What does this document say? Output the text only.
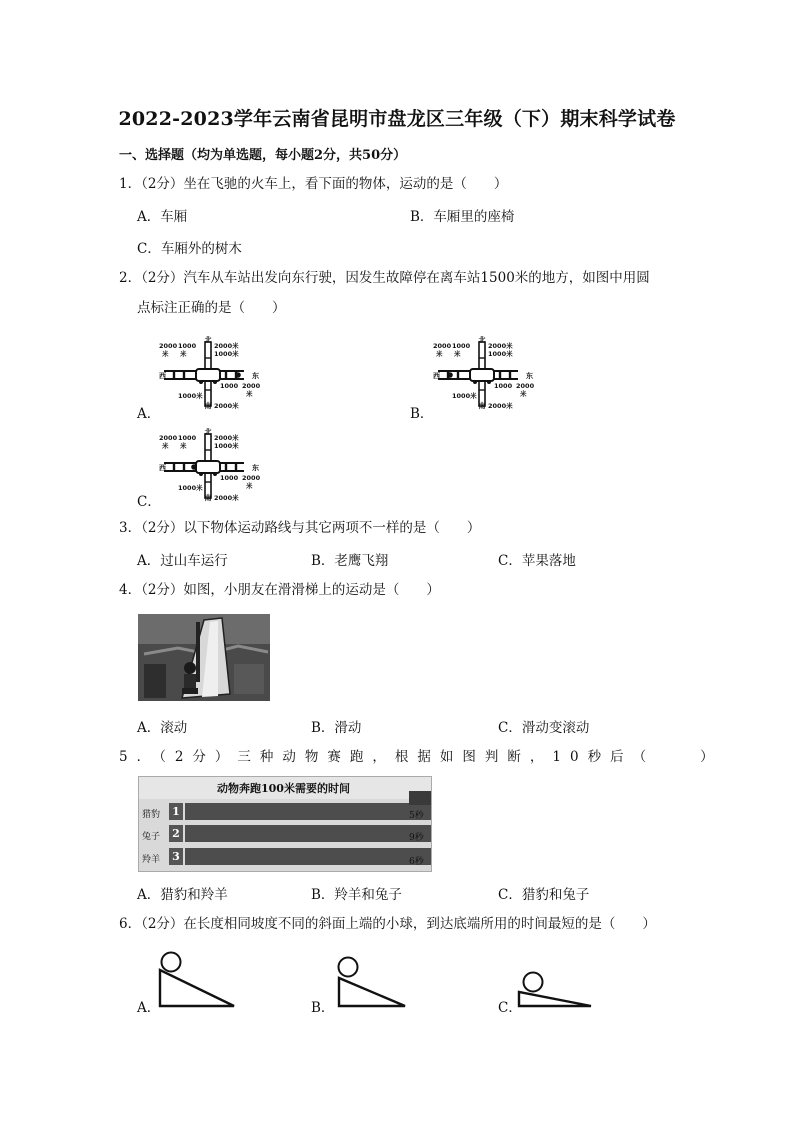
2022-2023学年云南省昆明市盘龙区三年级（下）期末科学试卷
一、选择题（均为单选题，每小题2分，共50分）
1．（2分）坐在飞驰的火车上，看下面的物体，运动的是（　　）
A．车厢	B．车厢里的座椅
C．车厢外的树木
2．（2分）汽车从车站出发向东行驶，因发生故障停在离车站1500米的地方，如图中用圆
点标注正确的是（　　）
A．	B．
C．
北
2000米
1000米
2000 1000
米 米
西	东
1000 2000
米
1000米
南 2000米
北
2000米
1000米
2000 1000
米 米
西	东
1000 2000
米
1000米
南 2000米
北
2000米
1000米
2000 1000
米 米
西	东
1000 2000
米
1000米
南 2000米
3．（2分）以下物体运动路线与其它两项不一样的是（　　）
A．过山车运行	B．老鹰飞翔	C．苹果落地
4．（2分）如图，小朋友在滑滑梯上的运动是（　　）
A．滚动	B．滑动	C．滑动变滚动
5．（2分）三种动物赛跑，根据如图判断，10秒后（　　）
动物奔跑100米需要的时间
猎豹 1	5秒
兔子 2	9秒
羚羊 3	6秒
A．猎豹和羚羊	B．羚羊和兔子	C．猎豹和兔子
6．（2分）在长度相同坡度不同的斜面上端的小球，到达底端所用的时间最短的是（　　）
A．	B．	C．
